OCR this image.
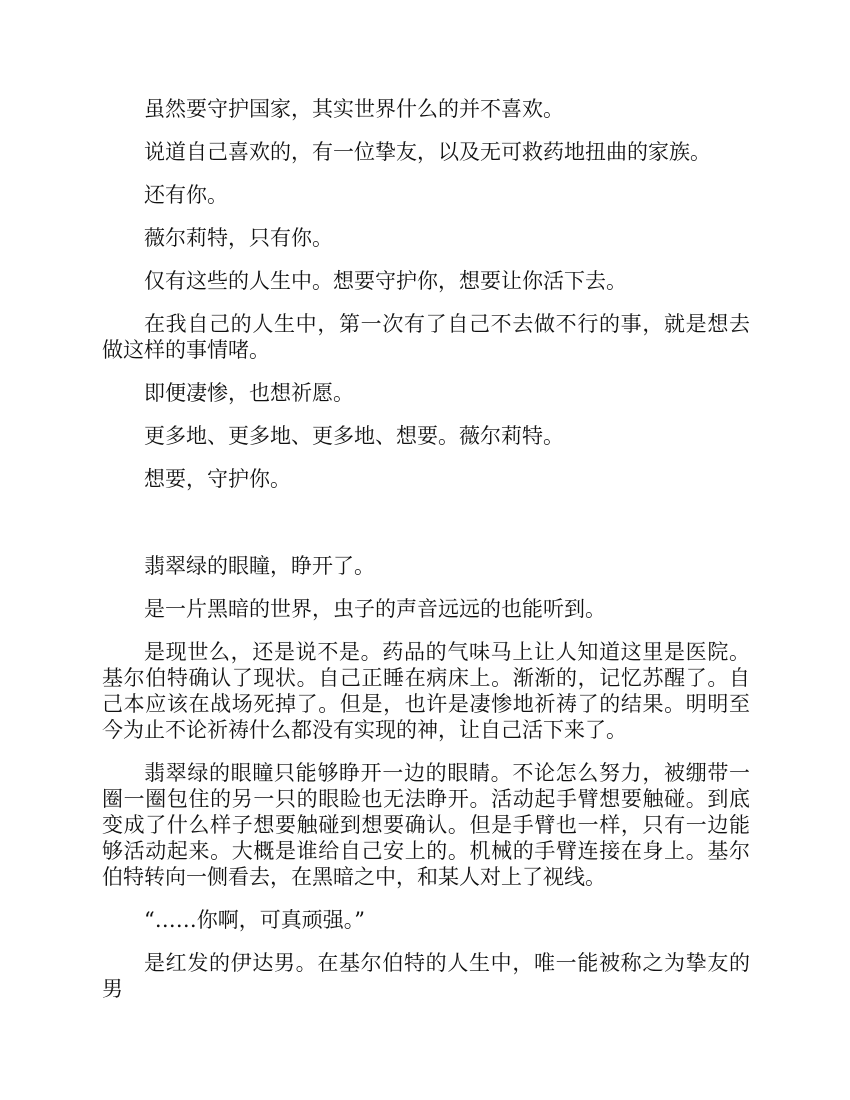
虽然要守护国家，其实世界什么的并不喜欢。

说道自己喜欢的，有一位挚友，以及无可救药地扭曲的家族。

还有你。

薇尔莉特，只有你。

仅有这些的人生中。想要守护你，想要让你活下去。

在我自己的人生中，第一次有了自己不去做不行的事，就是想去做这样的事情啫。

即便凄惨，也想祈愿。

更多地、更多地、更多地、想要。薇尔莉特。

想要，守护你。

翡翠绿的眼瞳，睁开了。

是一片黑暗的世界，虫子的声音远远的也能听到。

是现世么，还是说不是。药品的气味马上让人知道这里是医院。基尔伯特确认了现状。自己正睡在病床上。渐渐的，记忆苏醒了。自己本应该在战场死掉了。但是，也许是凄惨地祈祷了的结果。明明至今为止不论祈祷什么都没有实现的神，让自己活下来了。

翡翠绿的眼瞳只能够睁开一边的眼睛。不论怎么努力，被绷带一圈一圈包住的另一只的眼睑也无法睁开。活动起手臂想要触碰。到底变成了什么样子想要触碰到想要确认。但是手臂也一样，只有一边能够活动起来。大概是谁给自己安上的。机械的手臂连接在身上。基尔伯特转向一侧看去，在黑暗之中，和某人对上了视线。

“……你啊，可真顽强。”

是红发的伊达男。在基尔伯特的人生中，唯一能被称之为挚友的男
